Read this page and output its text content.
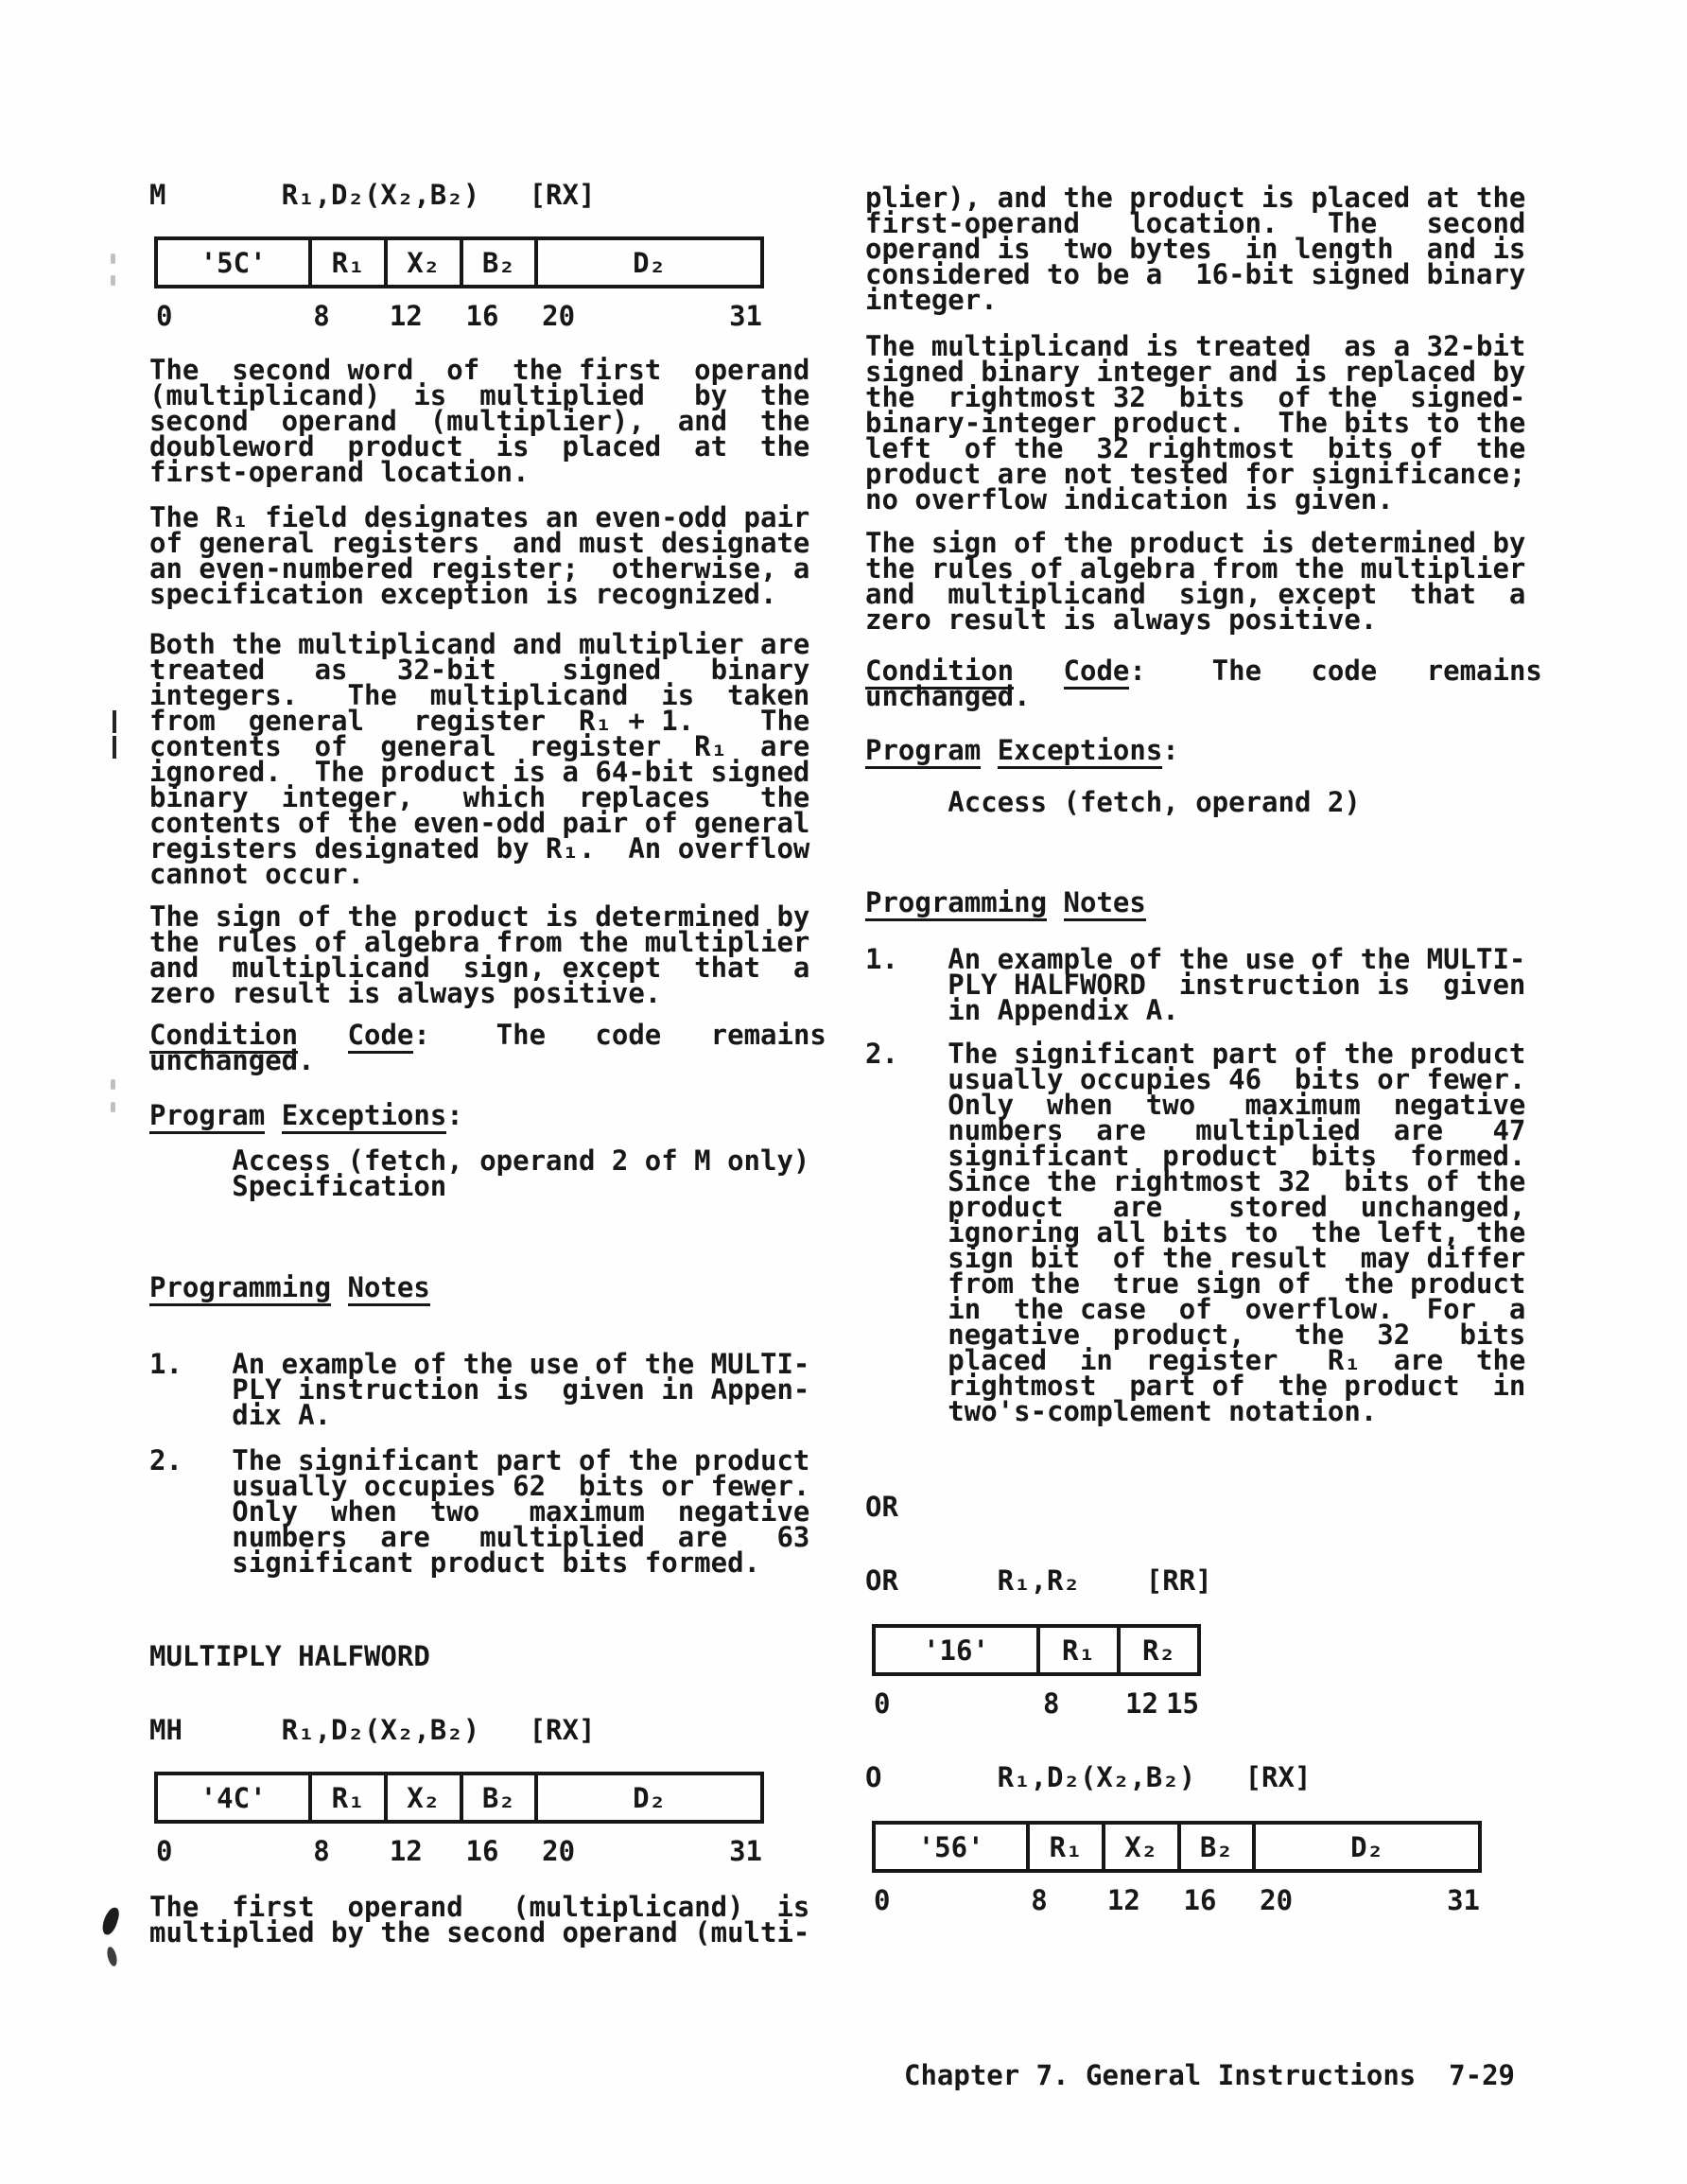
M       R₁,D₂(X₂,B₂)   [RX]
'5C'	R₁	X₂	B₂	D₂
0	8 12 16 20	31
The  second word  of  the first  operand
(multiplicand)  is  multiplied   by  the
second  operand  (multiplier),  and  the
doubleword  product  is  placed  at  the
first-operand location.
The R₁ field designates an even-odd pair
of general registers  and must designate
an even-numbered register;  otherwise, a
specification exception is recognized.
Both the multiplicand and multiplier are
treated   as   32-bit    signed   binary
integers.   The  multiplicand  is  taken
from  general   register  R₁ + 1.    The
contents  of  general  register  R₁  are
ignored.  The product is a 64-bit signed
binary  integer,   which  replaces   the
contents of the even-odd pair of general
registers designated by R₁.  An overflow
cannot occur.
The sign of the product is determined by
the rules of algebra from the multiplier
and  multiplicand  sign, except  that  a
zero result is always positive.
Condition Code:    The   code   remains
unchanged.
Program Exceptions:
Access (fetch, operand 2 of M only)
Specification
Programming Notes
1.   An example of the use of the MULTI-
PLY instruction is  given in Appen-
dix A.
2.   The significant part of the product
usually occupies 62  bits or fewer.
Only  when  two   maximum  negative
numbers  are   multiplied  are   63
significant product bits formed.
MULTIPLY HALFWORD
MH      R₁,D₂(X₂,B₂)   [RX]
'4C'	R₁	X₂	B₂	D₂
0	8 12 16 20	31
The  first  operand   (multiplicand)  is
multiplied by the second operand (multi-
plier), and the product is placed at the
first-operand   location.   The   second
operand is  two bytes  in length  and is
considered to be a  16-bit signed binary
integer.
The multiplicand is treated  as a 32-bit
signed binary integer and is replaced by
the  rightmost 32  bits  of the  signed-
binary-integer product.  The bits to the
left  of the  32 rightmost  bits of  the
product are not tested for significance;
no overflow indication is given.
The sign of the product is determined by
the rules of algebra from the multiplier
and  multiplicand  sign, except  that  a
zero result is always positive.
Condition Code:    The   code   remains
unchanged.
Program Exceptions:
Access (fetch, operand 2)
Programming Notes
1.   An example of the use of the MULTI-
PLY HALFWORD  instruction is  given
in Appendix A.
2.   The significant part of the product
usually occupies 46  bits or fewer.
Only  when  two   maximum  negative
numbers  are   multiplied  are   47
significant  product  bits  formed.
Since the rightmost 32  bits of the
product   are    stored  unchanged,
ignoring all bits to  the left, the
sign bit  of the result  may differ
from the  true sign of  the product
in  the case  of  overflow.  For  a
negative  product,   the  32   bits
placed  in  register   R₁  are  the
rightmost  part of  the product  in
two's-complement notation.
OR
OR      R₁,R₂    [RR]
'16'	R₁	R₂
0	8 12 15
O       R₁,D₂(X₂,B₂)   [RX]
'56'	R₁	X₂	B₂	D₂
0	8 12 16 20	31
Chapter 7. General Instructions  7-29
